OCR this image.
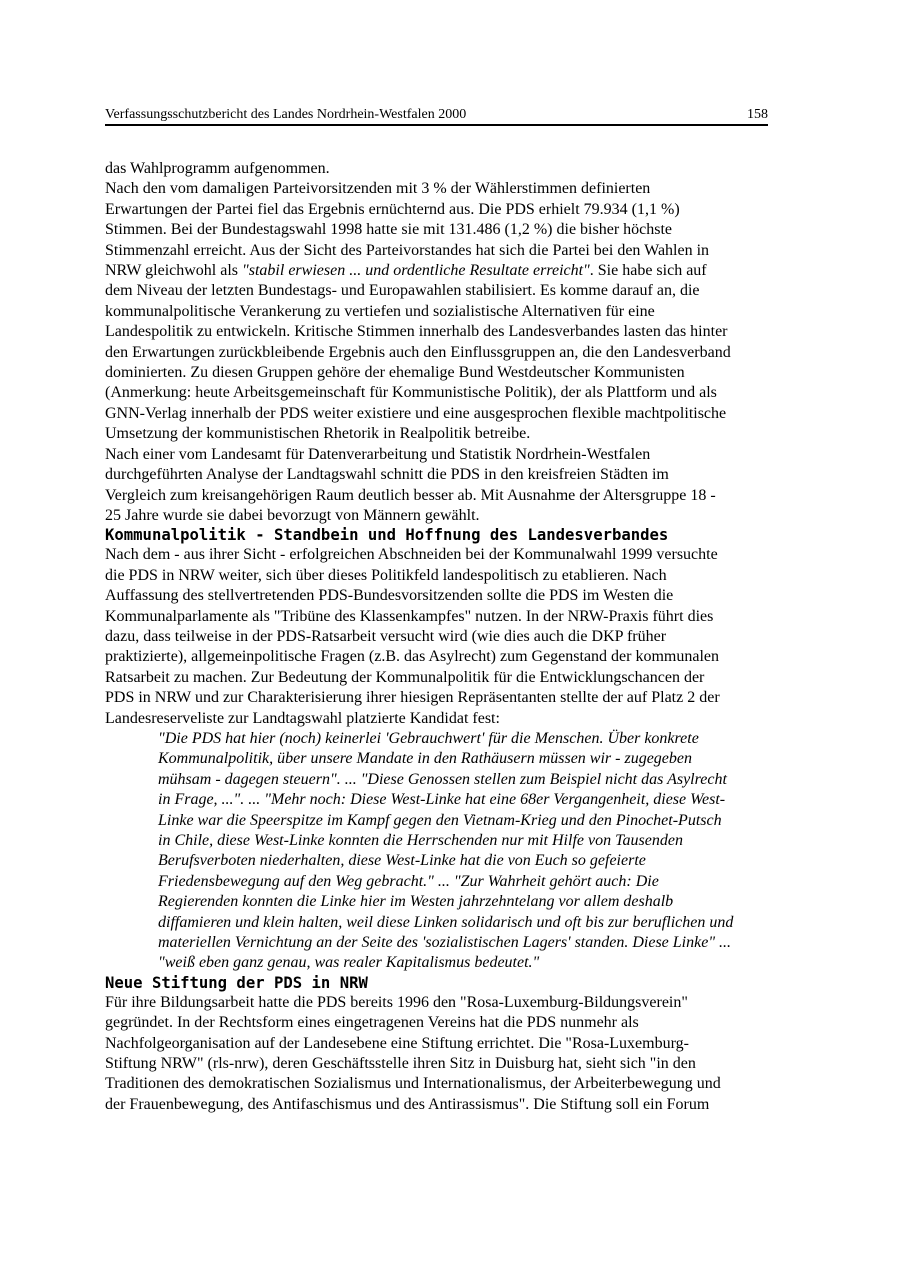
Verfassungsschutzbericht des Landes Nordrhein-Westfalen 2000	158
das Wahlprogramm aufgenommen.
Nach den vom damaligen Parteivorsitzenden mit 3 % der Wählerstimmen definierten
Erwartungen der Partei fiel das Ergebnis ernüchternd aus. Die PDS erhielt 79.934 (1,1 %)
Stimmen. Bei der Bundestagswahl 1998 hatte sie mit 131.486 (1,2 %) die bisher höchste
Stimmenzahl erreicht. Aus der Sicht des Parteivorstandes hat sich die Partei bei den Wahlen in
NRW gleichwohl als "stabil erwiesen ... und ordentliche Resultate erreicht". Sie habe sich auf
dem Niveau der letzten Bundestags- und Europawahlen stabilisiert. Es komme darauf an, die
kommunalpolitische Verankerung zu vertiefen und sozialistische Alternativen für eine
Landespolitik zu entwickeln. Kritische Stimmen innerhalb des Landesverbandes lasten das hinter
den Erwartungen zurückbleibende Ergebnis auch den Einflussgruppen an, die den Landesverband
dominierten. Zu diesen Gruppen gehöre der ehemalige Bund Westdeutscher Kommunisten
(Anmerkung: heute Arbeitsgemeinschaft für Kommunistische Politik), der als Plattform und als
GNN-Verlag innerhalb der PDS weiter existiere und eine ausgesprochen flexible machtpolitische
Umsetzung der kommunistischen Rhetorik in Realpolitik betreibe.
Nach einer vom Landesamt für Datenverarbeitung und Statistik Nordrhein-Westfalen
durchgeführten Analyse der Landtagswahl schnitt die PDS in den kreisfreien Städten im
Vergleich zum kreisangehörigen Raum deutlich besser ab. Mit Ausnahme der Altersgruppe 18 -
25 Jahre wurde sie dabei bevorzugt von Männern gewählt.
Kommunalpolitik - Standbein und Hoffnung des Landesverbandes
Nach dem - aus ihrer Sicht - erfolgreichen Abschneiden bei der Kommunalwahl 1999 versuchte
die PDS in NRW weiter, sich über dieses Politikfeld landespolitisch zu etablieren. Nach
Auffassung des stellvertretenden PDS-Bundesvorsitzenden sollte die PDS im Westen die
Kommunalparlamente als "Tribüne des Klassenkampfes" nutzen. In der NRW-Praxis führt dies
dazu, dass teilweise in der PDS-Ratsarbeit versucht wird (wie dies auch die DKP früher
praktizierte), allgemeinpolitische Fragen (z.B. das Asylrecht) zum Gegenstand der kommunalen
Ratsarbeit zu machen. Zur Bedeutung der Kommunalpolitik für die Entwicklungschancen der
PDS in NRW und zur Charakterisierung ihrer hiesigen Repräsentanten stellte der auf Platz 2 der
Landesreserveliste zur Landtagswahl platzierte Kandidat fest:
"Die PDS hat hier (noch) keinerlei 'Gebrauchwert' für die Menschen. Über konkrete
Kommunalpolitik, über unsere Mandate in den Rathäusern müssen wir - zugegeben
mühsam - dagegen steuern". ... "Diese Genossen stellen zum Beispiel nicht das Asylrecht
in Frage, ...". ... "Mehr noch: Diese West-Linke hat eine 68er Vergangenheit, diese West-
Linke war die Speerspitze im Kampf gegen den Vietnam-Krieg und den Pinochet-Putsch
in Chile, diese West-Linke konnten die Herrschenden nur mit Hilfe von Tausenden
Berufsverboten niederhalten, diese West-Linke hat die von Euch so gefeierte
Friedensbewegung auf den Weg gebracht." ... "Zur Wahrheit gehört auch: Die
Regierenden konnten die Linke hier im Westen jahrzehntelang vor allem deshalb
diffamieren und klein halten, weil diese Linken solidarisch und oft bis zur beruflichen und
materiellen Vernichtung an der Seite des 'sozialistischen Lagers' standen. Diese Linke" ...
"weiß eben ganz genau, was realer Kapitalismus bedeutet."
Neue Stiftung der PDS in NRW
Für ihre Bildungsarbeit hatte die PDS bereits 1996 den "Rosa-Luxemburg-Bildungsverein"
gegründet. In der Rechtsform eines eingetragenen Vereins hat die PDS nunmehr als
Nachfolgeorganisation auf der Landesebene eine Stiftung errichtet. Die "Rosa-Luxemburg-
Stiftung NRW" (rls-nrw), deren Geschäftsstelle ihren Sitz in Duisburg hat, sieht sich "in den
Traditionen des demokratischen Sozialismus und Internationalismus, der Arbeiterbewegung und
der Frauenbewegung, des Antifaschismus und des Antirassismus". Die Stiftung soll ein Forum
